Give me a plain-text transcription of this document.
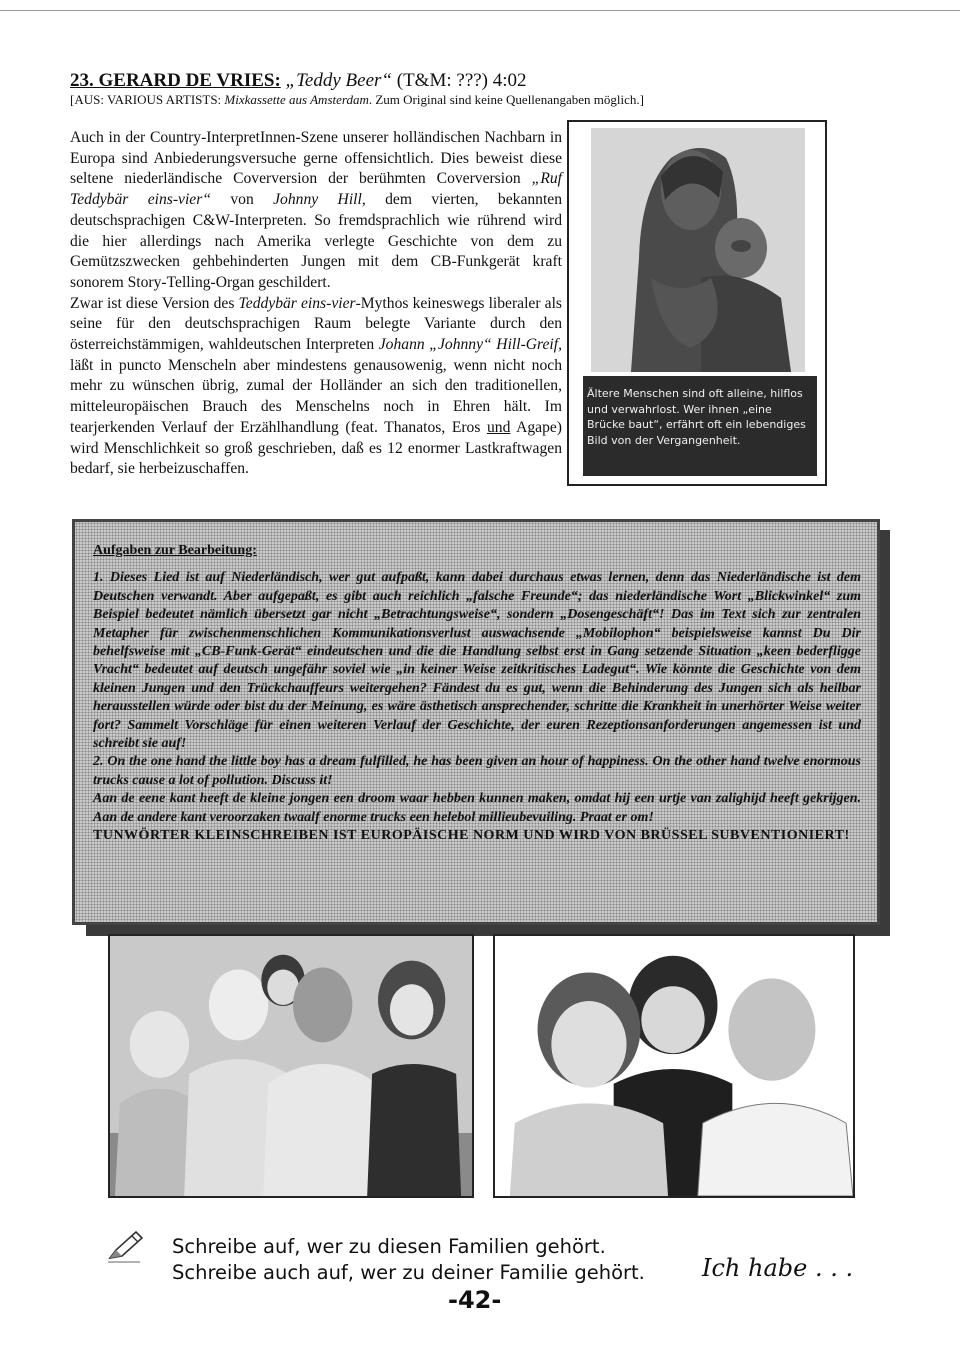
23. GERARD DE VRIES: „Teddy Beer“ (T&M: ???) 4:02
[AUS: VARIOUS ARTISTS: Mixkassette aus Amsterdam. Zum Original sind keine Quellenangaben möglich.]

Auch in der Country-InterpretInnen-Szene unserer holländischen Nachbarn in Europa sind Anbiederungsversuche gerne offensichtlich. Dies beweist diese seltene niederländische Coverversion der berühmten Coverversion „Ruf Teddybär eins-vier“ von Johnny Hill, dem vierten, bekannten deutschsprachigen C&W-Interpreten. So fremdsprachlich wie rührend wird die hier allerdings nach Amerika verlegte Geschichte von dem zu Gemützszwecken gehbehinderten Jungen mit dem CB-Funkgerät kraft sonorem Story-Telling-Organ geschildert.

Zwar ist diese Version des Teddybär eins-vier-Mythos keineswegs liberaler als seine für den deutschsprachigen Raum belegte Variante durch den österreichstämmigen, wahldeutschen Interpreten Johann „Johnny“ Hill-Greif, läßt in puncto Menscheln aber mindestens genausowenig, wenn nicht noch mehr zu wünschen übrig, zumal der Holländer an sich den traditionellen, mitteleuropäischen Brauch des Menschelns noch in Ehren hält. Im tearjerkenden Verlauf der Erzählhandlung (feat. Thanatos, Eros und Agape) wird Menschlichkeit so groß geschrieben, daß es 12 enormer Lastkraftwagen bedarf, sie herbeizuschaffen.

Ältere Menschen sind oft alleine, hilflos und verwahrlost. Wer ihnen „eine Brücke baut“, erfährt oft ein lebendiges Bild von der Vergangenheit.

Aufgaben zur Bearbeitung:

1. Dieses Lied ist auf Niederländisch, wer gut aufpaßt, kann dabei durchaus etwas lernen, denn das Niederländische ist dem Deutschen verwandt. Aber aufgepaßt, es gibt auch reichlich „falsche Freunde“; das niederländische Wort „Blickwinkel“ zum Beispiel bedeutet nämlich übersetzt gar nicht „Betrachtungsweise“, sondern „Dosengeschäft“! Das im Text sich zur zentralen Metapher für zwischenmenschlichen Kommunikationsverlust auswachsende „Mobilophon“ beispielsweise kannst Du Dir behelfsweise mit „CB-Funk-Gerät“ eindeutschen und die die Handlung selbst erst in Gang setzende Situation „keen bederfligge Vracht“ bedeutet auf deutsch ungefähr soviel wie „in keiner Weise zeitkritisches Ladegut“. Wie könnte die Geschichte von dem kleinen Jungen und den Trückchauffeurs weitergehen? Fändest du es gut, wenn die Behinderung des Jungen sich als heilbar herausstellen würde oder bist du der Meinung, es wäre ästhetisch ansprechender, schritte die Krankheit in unerhörter Weise weiter fort? Sammelt Vorschläge für einen weiteren Verlauf der Geschichte, der euren Rezeptionsanforderungen angemessen ist und schreibt sie auf!

2. On the one hand the little boy has a dream fulfilled, he has been given an hour of happiness. On the other hand twelve enormous trucks cause a lot of pollution. Discuss it!

Aan de eene kant heeft de kleine jongen een droom waar hebben kunnen maken, omdat hij een urtje van zalighijd heeft gekrijgen. Aan de andere kant veroorzaken twaalf enorme trucks een helebol millieubevuiling. Praat er om!

TUNWÖRTER KLEINSCHREIBEN IST EUROPÄISCHE NORM UND WIRD VON BRÜSSEL SUBVENTIONIERT!

Schreibe auf, wer zu diesen Familien gehört.
Schreibe auch auf, wer zu deiner Familie gehört. Ich habe . . .
-42-
